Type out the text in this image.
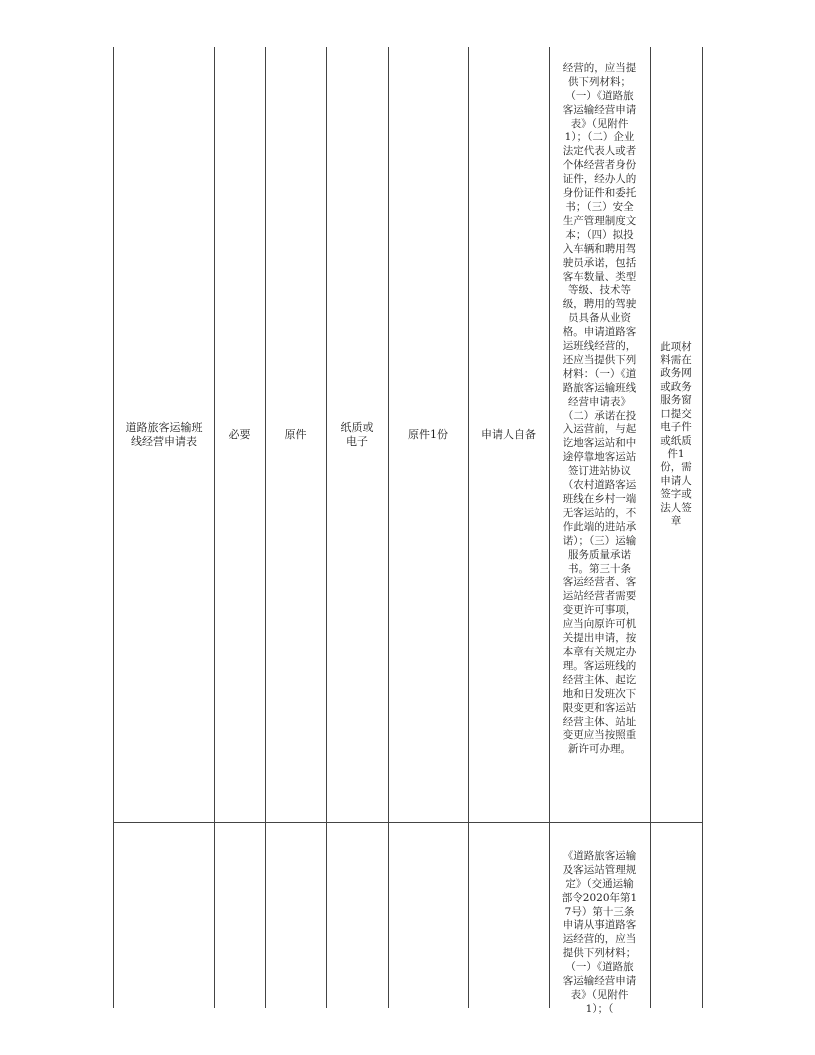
道路旅客运输班线经营申请表
必要	原件
纸质或电子
原件1份	申请人自备

经营的，应当提供下列材料；（一）《道路旅客运输经营申请表》（见附件1）；（二）企业法定代表人或者个体经营者身份证件，经办人的身份证件和委托书；（三）安全生产管理制度文本；（四）拟投入车辆和聘用驾驶员承诺，包括客车数量、类型等级、技术等级，聘用的驾驶员具备从业资格。申请道路客运班线经营的，还应当提供下列材料：（一）《道路旅客运输班线经营申请表》（二）承诺在投入运营前，与起讫地客运站和中途停靠地客运站签订进站协议（农村道路客运班线在乡村一端无客运站的，不作此端的进站承诺）；（三）运输服务质量承诺书。第三十条　客运经营者、客运站经营者需要变更许可事项，应当向原许可机关提出申请，按本章有关规定办理。客运班线的经营主体、起讫地和日发班次下限变更和客运站经营主体、站址变更应当按照重新许可办理。

此项材料需在政务网或政务服务窗口提交电子件或纸质件1份，需申请人签字或法人签章

《道路旅客运输及客运站管理规定》（交通运输部令2020年第17号）第十三条　申请从事道路客运经营的，应当提供下列材料；（一）《道路旅客运输经营申请表》（见附件1）；（
